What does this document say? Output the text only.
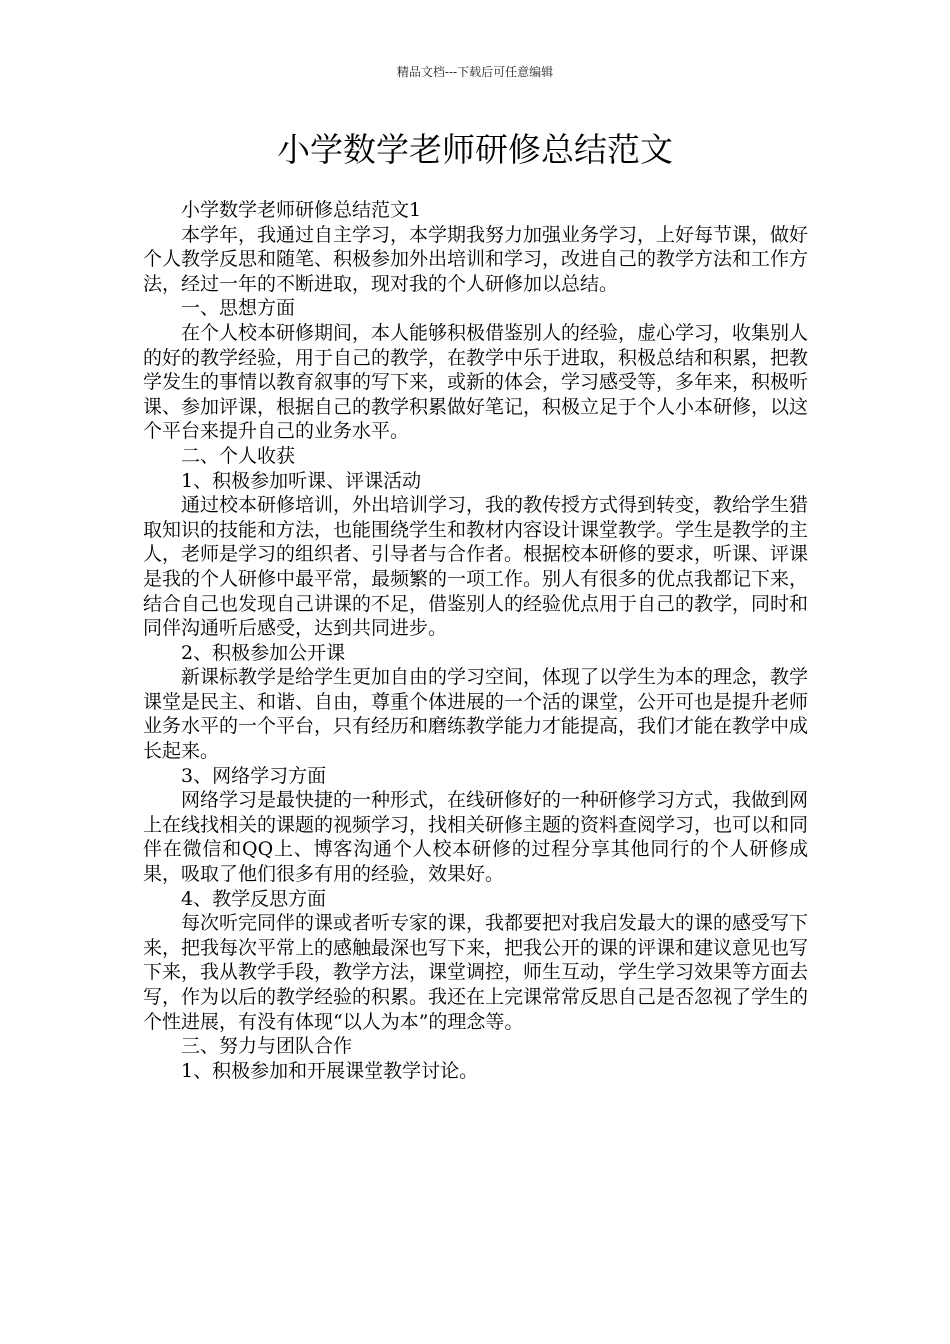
精品文档---下载后可任意编辑
小学数学老师研修总结范文

小学数学老师研修总结范文1

本学年，我通过自主学习，本学期我努力加强业务学习，上好每节课，做好个人教学反思和随笔、积极参加外出培训和学习，改进自己的教学方法和工作方法，经过一年的不断进取，现对我的个人研修加以总结。

一、思想方面

在个人校本研修期间，本人能够积极借鉴别人的经验，虚心学习，收集别人的好的教学经验，用于自己的教学，在教学中乐于进取，积极总结和积累，把教学发生的事情以教育叙事的写下来，或新的体会，学习感受等，多年来，积极听课、参加评课，根据自己的教学积累做好笔记，积极立足于个人小本研修，以这个平台来提升自己的业务水平。

二、个人收获

1、积极参加听课、评课活动

通过校本研修培训，外出培训学习，我的教传授方式得到转变，教给学生猎取知识的技能和方法，也能围绕学生和教材内容设计课堂教学。学生是教学的主人，老师是学习的组织者、引导者与合作者。根据校本研修的要求，听课、评课是我的个人研修中最平常，最频繁的一项工作。别人有很多的优点我都记下来，结合自己也发现自己讲课的不足，借鉴别人的经验优点用于自己的教学，同时和同伴沟通听后感受，达到共同进步。

2、积极参加公开课

新课标教学是给学生更加自由的学习空间，体现了以学生为本的理念，教学课堂是民主、和谐、自由，尊重个体进展的一个活的课堂，公开可也是提升老师业务水平的一个平台，只有经历和磨练教学能力才能提高，我们才能在教学中成长起来。

3、网络学习方面

网络学习是最快捷的一种形式，在线研修好的一种研修学习方式，我做到网上在线找相关的课题的视频学习，找相关研修主题的资料查阅学习，也可以和同伴在微信和QQ上、博客沟通个人校本研修的过程分享其他同行的个人研修成果，吸取了他们很多有用的经验，效果好。

4、教学反思方面

每次听完同伴的课或者听专家的课，我都要把对我启发最大的课的感受写下来，把我每次平常上的感触最深也写下来，把我公开的课的评课和建议意见也写下来，我从教学手段，教学方法，课堂调控，师生互动，学生学习效果等方面去写，作为以后的教学经验的积累。我还在上完课常常反思自己是否忽视了学生的个性进展，有没有体现“以人为本”的理念等。

三、努力与团队合作

1、积极参加和开展课堂教学讨论。
